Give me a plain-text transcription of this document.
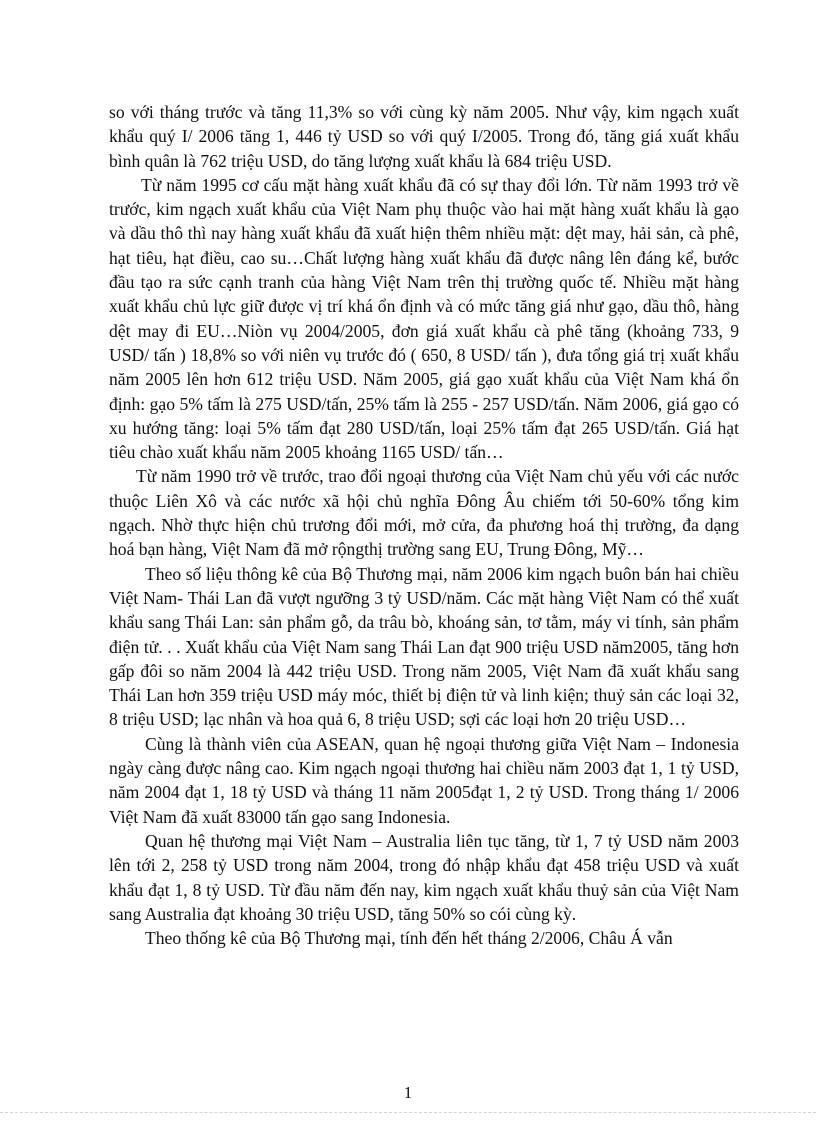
so với tháng trước và tăng 11,3% so với cùng kỳ năm 2005. Như vậy, kim ngạch xuất khẩu quý I/ 2006 tăng 1, 446 tỷ USD so với quý I/2005. Trong đó, tăng giá xuất khẩu bình quân là 762 triệu USD, do tăng lượng xuất khẩu là 684 triệu USD.

Từ năm 1995 cơ cấu mặt hàng xuất khẩu đã có sự thay đổi lớn. Từ năm 1993 trở về trước, kim ngạch xuất khẩu của Việt Nam phụ thuộc vào hai mặt hàng xuất khẩu là gạo và dầu thô thì nay hàng xuất khẩu đã xuất hiện thêm nhiều mặt: dệt may, hải sản, cà phê, hạt tiêu, hạt điều, cao su…Chất lượng hàng xuất khẩu đã được nâng lên đáng kể, bước đầu tạo ra sức cạnh tranh của hàng Việt Nam trên thị trường quốc tế. Nhiều mặt hàng xuất khẩu chủ lực giữ được vị trí khá ổn định và có mức tăng giá như gạo, dầu thô, hàng dệt may đi EU…Niòn vụ 2004/2005, đơn giá xuất khẩu cà phê tăng (khoảng 733, 9 USD/ tấn ) 18,8% so với niên vụ trước đó ( 650, 8 USD/ tấn ), đưa tổng giá trị xuất khẩu năm 2005 lên hơn 612 triệu USD. Năm 2005, giá gạo xuất khẩu của Việt Nam khá ổn định: gạo 5% tấm là 275 USD/tấn, 25% tấm là 255 - 257 USD/tấn. Năm 2006, giá gạo có xu hướng tăng: loại 5% tấm đạt 280 USD/tấn, loại 25% tấm đạt 265 USD/tấn. Giá hạt tiêu chào xuất khẩu năm 2005 khoảng 1165 USD/ tấn…

Từ năm 1990 trở về trước, trao đổi ngoại thương của Việt Nam chủ yếu với các nước thuộc Liên Xô và các nước xã hội chủ nghĩa Đông Âu chiếm tới 50-60% tổng kim ngạch. Nhờ thực hiện chủ trương đổi mới, mở cửa, đa phương hoá thị trường, đa dạng hoá bạn hàng, Việt Nam đã mở rộngthị trường sang EU, Trung Đông, Mỹ…

Theo số liệu thông kê của Bộ Thương mại, năm 2006 kim ngạch buôn bán hai chiều Việt Nam- Thái Lan đã vượt ngưỡng 3 tỷ USD/năm. Các mặt hàng Việt Nam có thể xuất khẩu sang Thái Lan: sản phẩm gỗ, da trâu bò, khoáng sản, tơ tằm, máy vi tính, sản phẩm điện tử. . . Xuất khẩu của Việt Nam sang Thái Lan đạt 900 triệu USD năm2005, tăng hơn gấp đôi so năm 2004 là 442 triệu USD. Trong năm 2005, Việt Nam đã xuất khẩu sang Thái Lan hơn 359 triệu USD máy móc, thiết bị điện tử và linh kiện; thuỷ sản các loại 32, 8 triệu USD; lạc nhân và hoa quả 6, 8 triệu USD; sợi các loại hơn 20 triệu USD…

Cùng là thành viên của ASEAN, quan hệ ngoại thương giữa Việt Nam – Indonesia ngày càng được nâng cao. Kim ngạch ngoại thương hai chiều năm 2003 đạt 1, 1 tỷ USD, năm 2004 đạt 1, 18 tỷ USD và tháng 11 năm 2005đạt 1, 2 tỷ USD. Trong tháng 1/ 2006 Việt Nam đã xuất 83000 tấn gạo sang Indonesia.

Quan hệ thương mại Việt Nam – Australia liên tục tăng, từ 1, 7 tỷ USD năm 2003 lên tới 2, 258 tỷ USD trong năm 2004, trong đó nhập khẩu đạt 458 triệu USD và xuất khẩu đạt 1, 8 tỷ USD. Từ đầu năm đến nay, kim ngạch xuất khẩu thuỷ sản của Việt Nam sang Australia đạt khoảng 30 triệu USD, tăng 50% so cói cùng kỳ.

Theo thống kê của Bộ Thương mại, tính đến hết tháng 2/2006, Châu Á vẫn

1
